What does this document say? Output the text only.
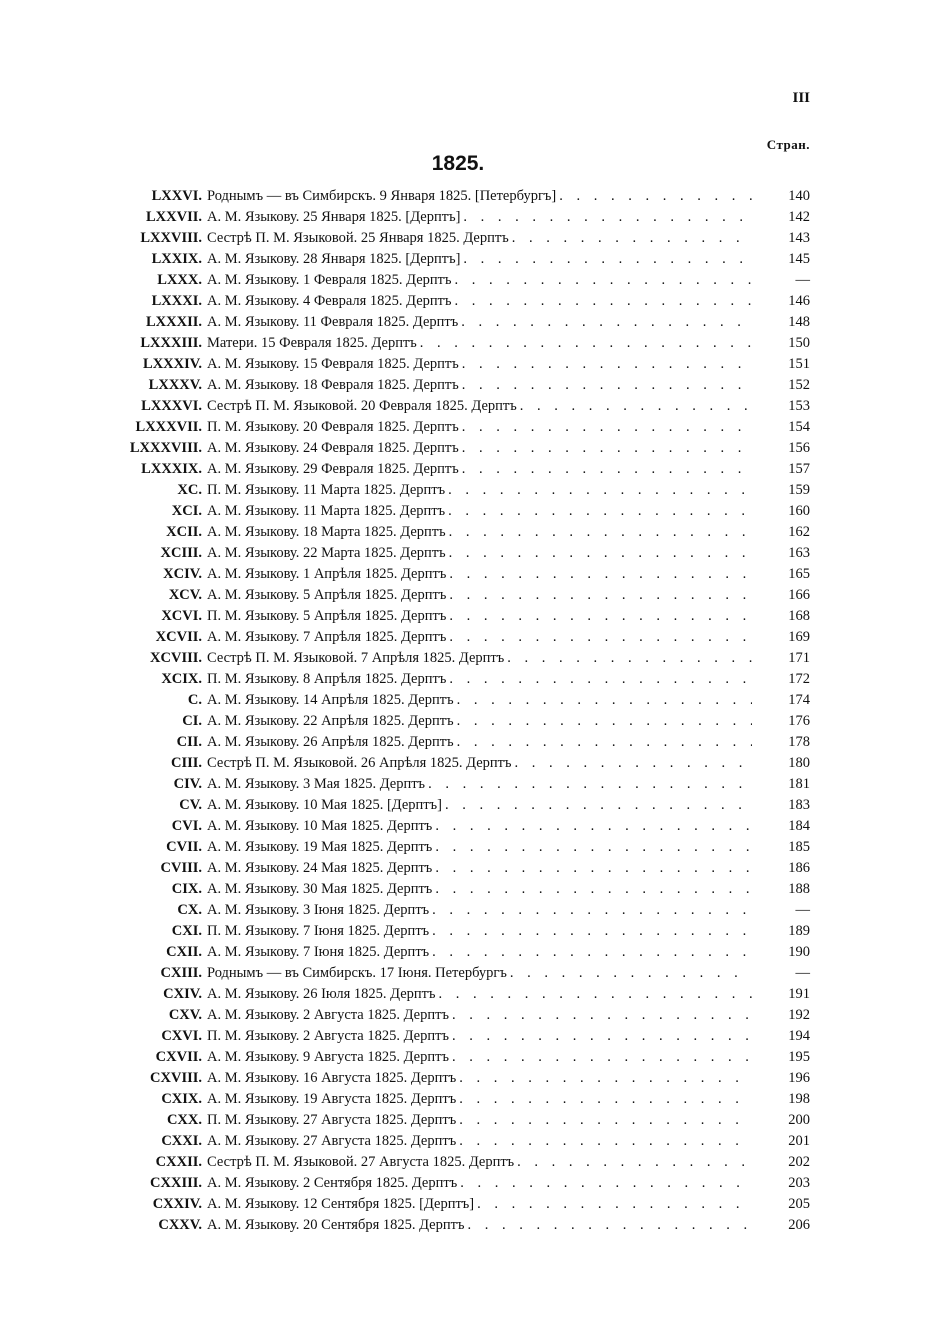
III
Стран.
1825.
LXXVI. Роднымъ — въ Симбирскъ. 9 Января 1825. [Петербургъ] . . .	140
LXXVII. А. М. Языкову. 25 Января 1825. [Дерптъ] . . .	142
LXXVIII. Сестрѣ П. М. Языковой. 25 Января 1825. Дерптъ . . .	143
LXXIX. А. М. Языкову. 28 Января 1825. [Дерптъ] . . .	145
LXXX. А. М. Языкову. 1 Февраля 1825. Дерптъ . . .	—
LXXXI. А. М. Языкову. 4 Февраля 1825. Дерптъ . . .	146
LXXXII. А. М. Языкову. 11 Февраля 1825. Дерптъ . . .	148
LXXXIII. Матери. 15 Февраля 1825. Дерптъ . . .	150
LXXXIV. А. М. Языкову. 15 Февраля 1825. Дерптъ . . .	151
LXXXV. А. М. Языкову. 18 Февраля 1825. Дерптъ . . .	152
LXXXVI. Сестрѣ П. М. Языковой. 20 Февраля 1825. Дерптъ . . .	153
LXXXVII. П. М. Языкову. 20 Февраля 1825. Дерптъ . . .	154
LXXXVIII. А. М. Языкову. 24 Февраля 1825. Дерптъ . . .	156
LXXXIX. А. М. Языкову. 29 Февраля 1825. Дерптъ . . .	157
XC. П. М. Языкову. 11 Марта 1825. Дерптъ . . .	159
XCI. А. М. Языкову. 11 Марта 1825. Дерптъ . . .	160
XCII. А. М. Языкову. 18 Марта 1825. Дерптъ . . .	162
XCIII. А. М. Языкову. 22 Марта 1825. Дерптъ . . .	163
XCIV. А. М. Языкову. 1 Апрѣля 1825. Дерптъ . . .	165
XCV. А. М. Языкову. 5 Апрѣля 1825. Дерптъ . . .	166
XCVI. П. М. Языкову. 5 Апрѣля 1825. Дерптъ . . .	168
XCVII. А. М. Языкову. 7 Апрѣля 1825. Дерптъ . . .	169
XCVIII. Сестрѣ П. М. Языковой. 7 Апрѣля 1825. Дерптъ . . .	171
XCIX. П. М. Языкову. 8 Апрѣля 1825. Дерптъ . . .	172
C. А. М. Языкову. 14 Апрѣля 1825. Дерптъ . . .	174
CI. А. М. Языкову. 22 Апрѣля 1825. Дерптъ . . .	176
CII. А. М. Языкову. 26 Апрѣля 1825. Дерптъ . . .	178
CIII. Сестрѣ П. М. Языковой. 26 Апрѣля 1825. Дерптъ . . .	180
CIV. А. М. Языкову. 3 Мая 1825. Дерптъ . . .	181
CV. А. М. Языкову. 10 Мая 1825. [Дерптъ] . . .	183
CVI. А. М. Языкову. 10 Мая 1825. Дерптъ . . .	184
CVII. А. М. Языкову. 19 Мая 1825. Дерптъ . . .	185
CVIII. А. М. Языкову. 24 Мая 1825. Дерптъ . . .	186
CIX. А. М. Языкову. 30 Мая 1825. Дерптъ . . .	188
CX. А. М. Языкову. 3 Іюня 1825. Дерптъ . . .	—
CXI. П. М. Языкову. 7 Іюня 1825. Дерптъ . . .	189
CXII. А. М. Языкову. 7 Іюня 1825. Дерптъ . . .	190
CXIII. Роднымъ — въ Симбирскъ. 17 Іюня. Петербургъ . . .	—
CXIV. А. М. Языкову. 26 Іюля 1825. Дерптъ . . .	191
CXV. А. М. Языкову. 2 Августа 1825. Дерптъ . . .	192
CXVI. П. М. Языкову. 2 Августа 1825. Дерптъ . . .	194
CXVII. А. М. Языкову. 9 Августа 1825. Дерптъ . . .	195
CXVIII. А. М. Языкову. 16 Августа 1825. Дерптъ . . .	196
CXIX. А. М. Языкову. 19 Августа 1825. Дерптъ . . .	198
CXX. П. М. Языкову. 27 Августа 1825. Дерптъ . . .	200
CXXI. А. М. Языкову. 27 Августа 1825. Дерптъ . . .	201
CXXII. Сестрѣ П. М. Языковой. 27 Августа 1825. Дерптъ . . .	202
CXXIII. А. М. Языкову. 2 Сентября 1825. Дерптъ . . .	203
CXXIV. А. М. Языкову. 12 Сентября 1825. [Дерптъ] . . .	205
CXXV. А. М. Языкову. 20 Сентября 1825. Дерптъ . . .	206
